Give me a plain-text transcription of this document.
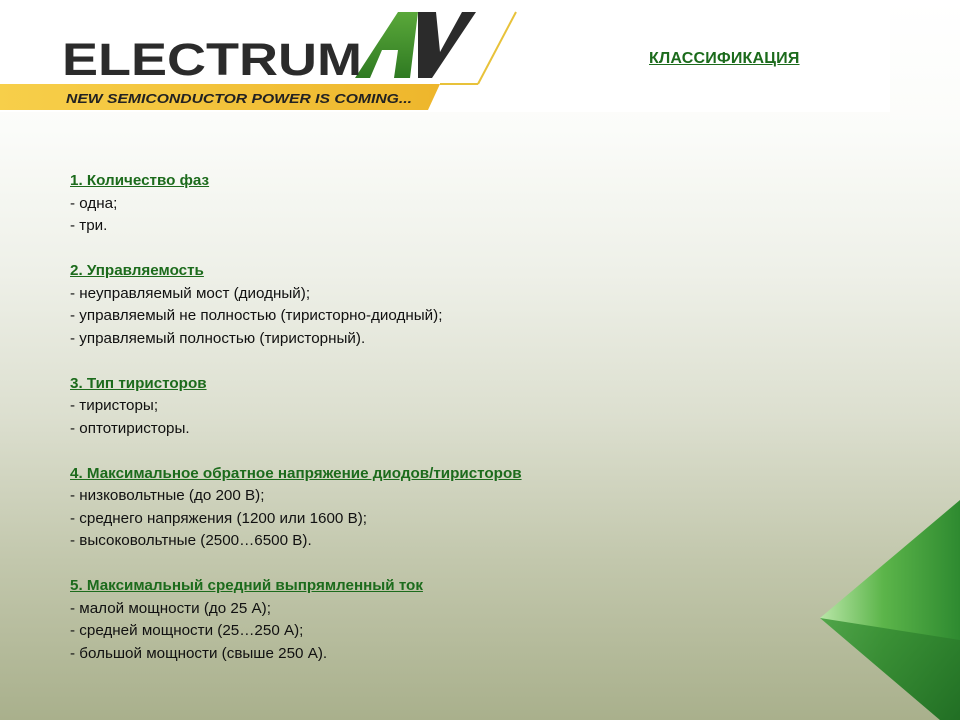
ELECTRUM
NEW SEMICONDUCTOR POWER IS COMING...
КЛАССИФИКАЦИЯ
1. Количество фаз
- одна;
- три.
2. Управляемость
- неуправляемый мост (диодный);
- управляемый не полностью (тиристорно-диодный);
- управляемый полностью (тиристорный).
3. Тип тиристоров
- тиристоры;
- оптотиристоры.
4. Максимальное обратное напряжение диодов/тиристоров
- низковольтные (до 200 В);
- среднего напряжения (1200 или 1600 В);
- высоковольтные (2500…6500 В).
5. Максимальный средний выпрямленный ток
- малой мощности (до 25 А);
- средней мощности (25…250 А);
- большой мощности (свыше 250 А).
